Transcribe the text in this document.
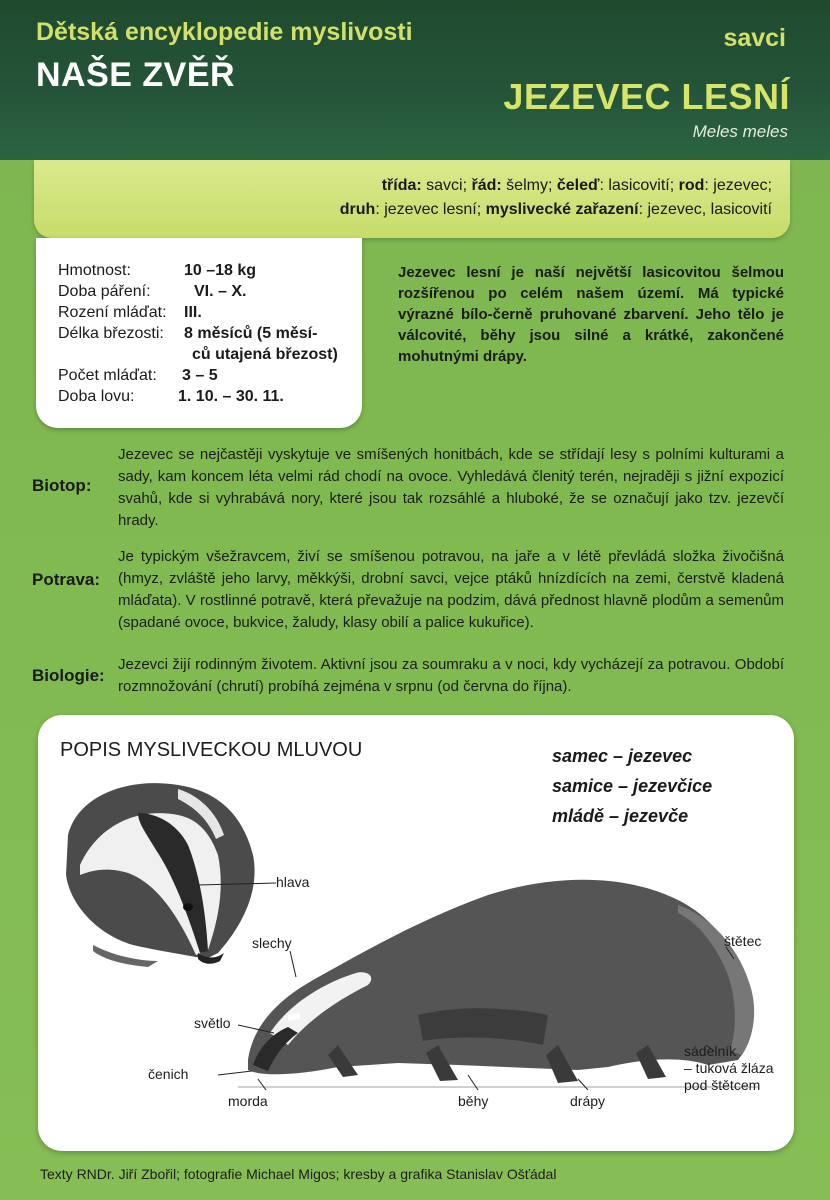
Dětská encyklopedie myslivosti
NAŠE ZVĚŘ
savci
JEZEVEC LESNÍ
Meles meles
třída: savci; řád: šelmy; čeleď: lasicovití; rod: jezevec;
druh: jezevec lesní; myslivecké zařazení: jezevec, lasicovití
Hmotnost:	10 –18 kg
Doba páření:	VI. – X.
Rození mláďat:	III.
Délka březosti:	8 měsíců (5 měsí-
ců utajená březost)
Počet mláďat:	3 – 5
Doba lovu:	1. 10. – 30. 11.
Jezevec lesní je naší největší lasicovitou šelmou rozšířenou po celém našem území. Má typické výrazné bílo-černě pruhované zbarvení. Jeho tělo je válcovité, běhy jsou silné a krátké, zakončené mohutnými drápy.
Biotop:
Jezevec se nejčastěji vyskytuje ve smíšených honitbách, kde se střídají lesy s polními kulturami a sady, kam koncem léta velmi rád chodí na ovoce. Vyhledává členitý terén, nejraději s jižní expozicí svahů, kde si vyhrabává nory, které jsou tak rozsáhlé a hluboké, že se označují jako tzv. jezevčí hrady.
Potrava:
Je typickým všežravcem, živí se smíšenou potravou, na jaře a v létě převládá složka živočišná (hmyz, zvláště jeho larvy, měkkýši, drobní savci, vejce ptáků hnízdících na zemi, čerstvě kladená mláďata). V rostlinné potravě, která převažuje na podzim, dává přednost hlavně plodům a semenům (spadané ovoce, bukvice, žaludy, klasy obilí a palice kukuřice).
Biologie:
Jezevci žijí rodinným životem. Aktivní jsou za soumraku a v noci, kdy vycházejí za potravou. Období rozmnožování (chrutí) probíhá zejména v srpnu (od června do října).
POPIS MYSLIVECKOU MLUVOU	samec – jezevec
samice – jezevčice
mládě – jezevče
hlava
slechy	štětec
světlo
čenich
morda	běhy	drápy
sádelník
– tuková žláza
pod štětcem
Texty RNDr. Jiří Zbořil; fotografie Michael Migos; kresby a grafika Stanislav Ošťádal
